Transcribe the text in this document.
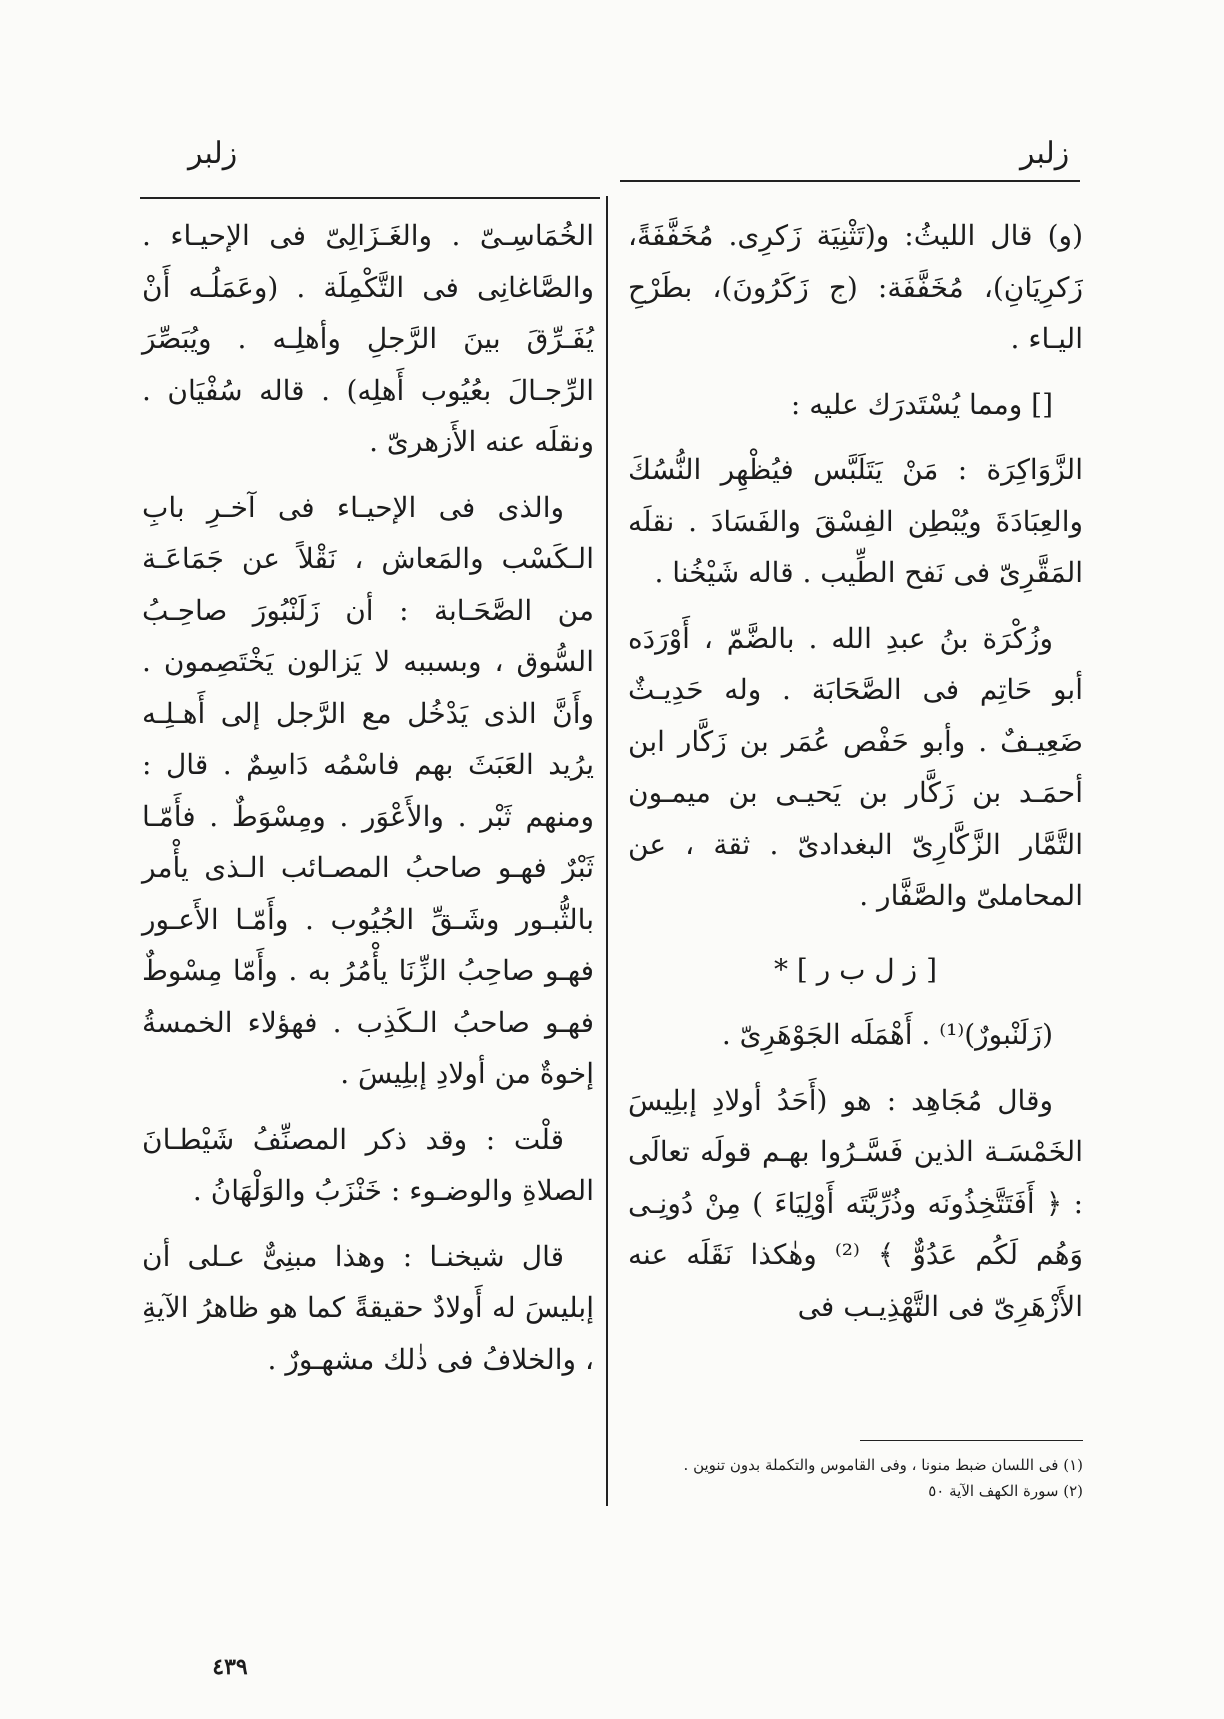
زلبر
زلبر

(و) قال الليثُ: و(تَثْنِيَة زَكرِى. مُخَفَّفَةً، زَكرِيَانِ)، مُخَفَّفَة: (ج زَكَرُونَ)، بطَرْحِ اليـاء .

[] ومما يُسْتَدرَك عليه :

الزَّوَاكِرَة : مَنْ يَتَلَبَّس فيُظْهِر النُّسُكَ والعِبَادَةَ ويُبْطِن الفِسْقَ والفَسَادَ . نقلَه المَقَّرِىّ فى نَفح الطِّيب . قاله شَيْخُنا .

وزُكْرَة بنُ عبدِ الله . بالضَّمّ ، أَوْرَدَه أبو حَاتِم فى الصَّحَابَة . وله حَدِيـثٌ ضَعِيـفٌ . وأبو حَفْص عُمَر بن زَكَّار ابن أحمَـد بن زَكَّار بن يَحيـى بن ميمـون التَّمَّار الزَّكَّارِىّ البغدادىّ . ثقة ، عن المحاملىّ والصَّفَّار .

[ ز ل ب ر ] *

(زَلَنْبورٌ)⁽¹⁾ . أَهْمَلَه الجَوْهَرِىّ .

وقال مُجَاهِد : هو (أَحَدُ أولادِ إبلِيسَ الخَمْسَـة الذين فَسَّـرُوا بهـم قولَه تعالَى : ﴿ أَفَتَتَّخِذُونَه وذُرِّيَّتَه أَوْلِيَاءَ ) مِنْ دُونِـى وَهُم لَكُم عَدُوٌّ ﴾ ⁽²⁾ وهٰكذا نَقَلَه عنه الأَزْهَرِىّ فى التَّهْذِيـب فى

(١) فى اللسان ضبط منونا ، وفى القاموس والتكملة بدون تنوين .
(٢) سورة الكهف الآية ٥٠

الخُمَاسِـىّ . والغَـزَالِىّ فى الإحيـاء . والصَّاغانِى فى التَّكْمِلَة . (وعَمَلُـه أَنْ يُفَـرِّقَ بينَ الرَّجلِ وأهلِـه . ويُبَصِّرَ الرِّجـالَ بعُيُوب أَهلِه) . قاله سُفْيَان . ونقلَه عنه الأَزهرىّ .

والذى فى الإحيـاء فى آخـرِ بابِ الـكَسْب والمَعاش ، نَقْلاً عن جَمَاعَـة من الصَّحَـابة : أن زَلَنْبُورَ صاحِـبُ السُّوق ، وبسببه لا يَزالون يَخْتَصِمون . وأَنَّ الذى يَدْخُل مع الرَّجل إلى أَهـلِـه يرُيد العَبَثَ بهم فاسْمُه دَاسِمٌ . قال : ومنهم ثَبْر . والأَعْوَر . ومِسْوَطٌ . فأَمّـا ثَبْرٌ فهـو صاحبُ المصـائب الـذى يأْمر بالثُّبـور وشَـقِّ الجُيُوب . وأَمّـا الأَعـور فهـو صاحِبُ الزِّنَا يأْمُرُ به . وأَمّا مِسْوطٌ فهـو صاحبُ الـكَذِب . فهؤلاء الخمسةُ إخوةٌ من أولادِ إبلِيسَ .

قلْت : وقد ذكر المصنِّفُ شَيْطـانَ الصلاةِ والوضـوء : خَنْزَبُ والوَلْهَانُ .

قال شيخنـا : وهذا مبنِىٌّ عـلى أن إبليسَ له أَولادٌ حقيقةً كما هو ظاهرُ الآيةِ ، والخلافُ فى ذٰلك مشهـورٌ .

٤٣٩
